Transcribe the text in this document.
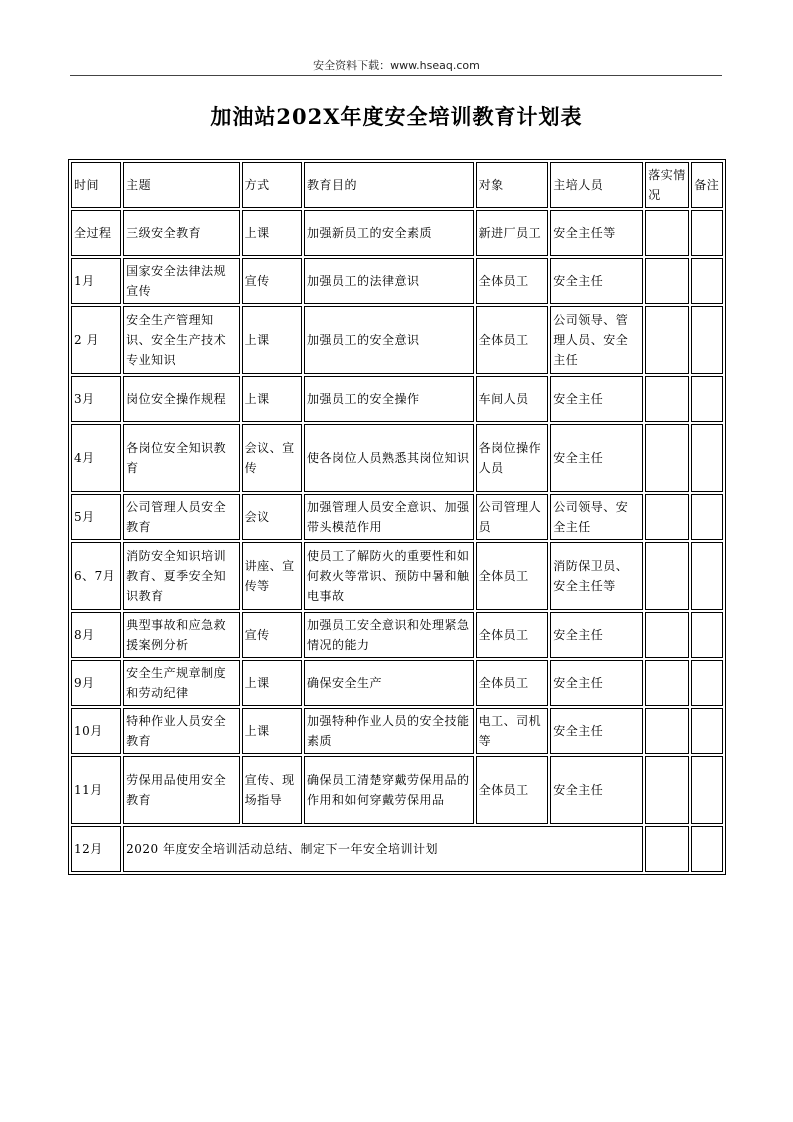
安全资料下载：www.hseaq.com
加油站202X年度安全培训教育计划表
时间	主题	方式	教育目的	对象	主培人员	落实情况	备注
全过程	三级安全教育	上课	加强新员工的安全素质	新进厂员工	安全主任等		
1月	国家安全法律法规宣传	宣传	加强员工的法律意识	全体员工	安全主任		
2 月	安全生产管理知识、安全生产技术专业知识	上课	加强员工的安全意识	全体员工	公司领导、管理人员、安全主任		
3月	岗位安全操作规程	上课	加强员工的安全操作	车间人员	安全主任		
4月	各岗位安全知识教育	会议、宣传	使各岗位人员熟悉其岗位知识	各岗位操作人员	安全主任		
5月	公司管理人员安全教育	会议	加强管理人员安全意识、加强带头模范作用	公司管理人员	公司领导、安全主任		
6、7月	消防安全知识培训教育、夏季安全知识教育	讲座、宣传等	使员工了解防火的重要性和如何救火等常识、预防中暑和触电事故	全体员工	消防保卫员、安全主任等		
8月	典型事故和应急救援案例分析	宣传	加强员工安全意识和处理紧急情况的能力	全体员工	安全主任		
9月	安全生产规章制度和劳动纪律	上课	确保安全生产	全体员工	安全主任		
10月	特种作业人员安全教育	上课	加强特种作业人员的安全技能素质	电工、司机等	安全主任		
11月	劳保用品使用安全教育	宣传、现场指导	确保员工清楚穿戴劳保用品的作用和如何穿戴劳保用品	全体员工	安全主任		
12月	2020 年度安全培训活动总结、制定下一年安全培训计划						
